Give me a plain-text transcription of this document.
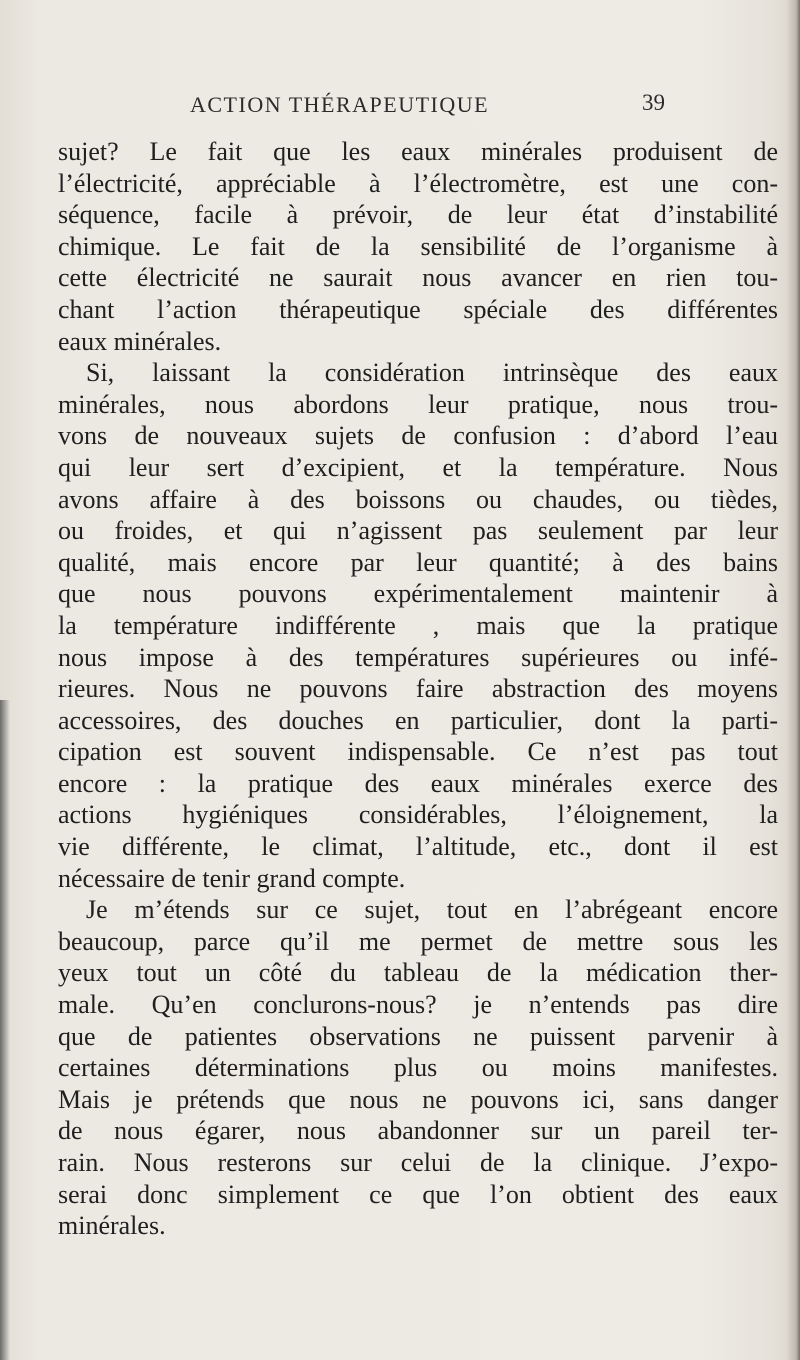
ACTION THÉRAPEUTIQUE	39
sujet? Le fait que les eaux minérales produisent de
l’électricité, appréciable à l’électromètre, est une con-
séquence, facile à prévoir, de leur état d’instabilité
chimique. Le fait de la sensibilité de l’organisme à
cette électricité ne saurait nous avancer en rien tou-
chant l’action thérapeutique spéciale des différentes
eaux minérales.
Si, laissant la considération intrinsèque des eaux
minérales, nous abordons leur pratique, nous trou-
vons de nouveaux sujets de confusion : d’abord l’eau
qui leur sert d’excipient, et la température. Nous
avons affaire à des boissons ou chaudes, ou tièdes,
ou froides, et qui n’agissent pas seulement par leur
qualité, mais encore par leur quantité; à des bains
que nous pouvons expérimentalement maintenir à
la température indifférente , mais que la pratique
nous impose à des températures supérieures ou infé-
rieures. Nous ne pouvons faire abstraction des moyens
accessoires, des douches en particulier, dont la parti-
cipation est souvent indispensable. Ce n’est pas tout
encore : la pratique des eaux minérales exerce des
actions hygiéniques considérables, l’éloignement, la
vie différente, le climat, l’altitude, etc., dont il est
nécessaire de tenir grand compte.
Je m’étends sur ce sujet, tout en l’abrégeant encore
beaucoup, parce qu’il me permet de mettre sous les
yeux tout un côté du tableau de la médication ther-
male. Qu’en conclurons-nous? je n’entends pas dire
que de patientes observations ne puissent parvenir à
certaines déterminations plus ou moins manifestes.
Mais je prétends que nous ne pouvons ici, sans danger
de nous égarer, nous abandonner sur un pareil ter-
rain. Nous resterons sur celui de la clinique. J’expo-
serai donc simplement ce que l’on obtient des eaux
minérales.
